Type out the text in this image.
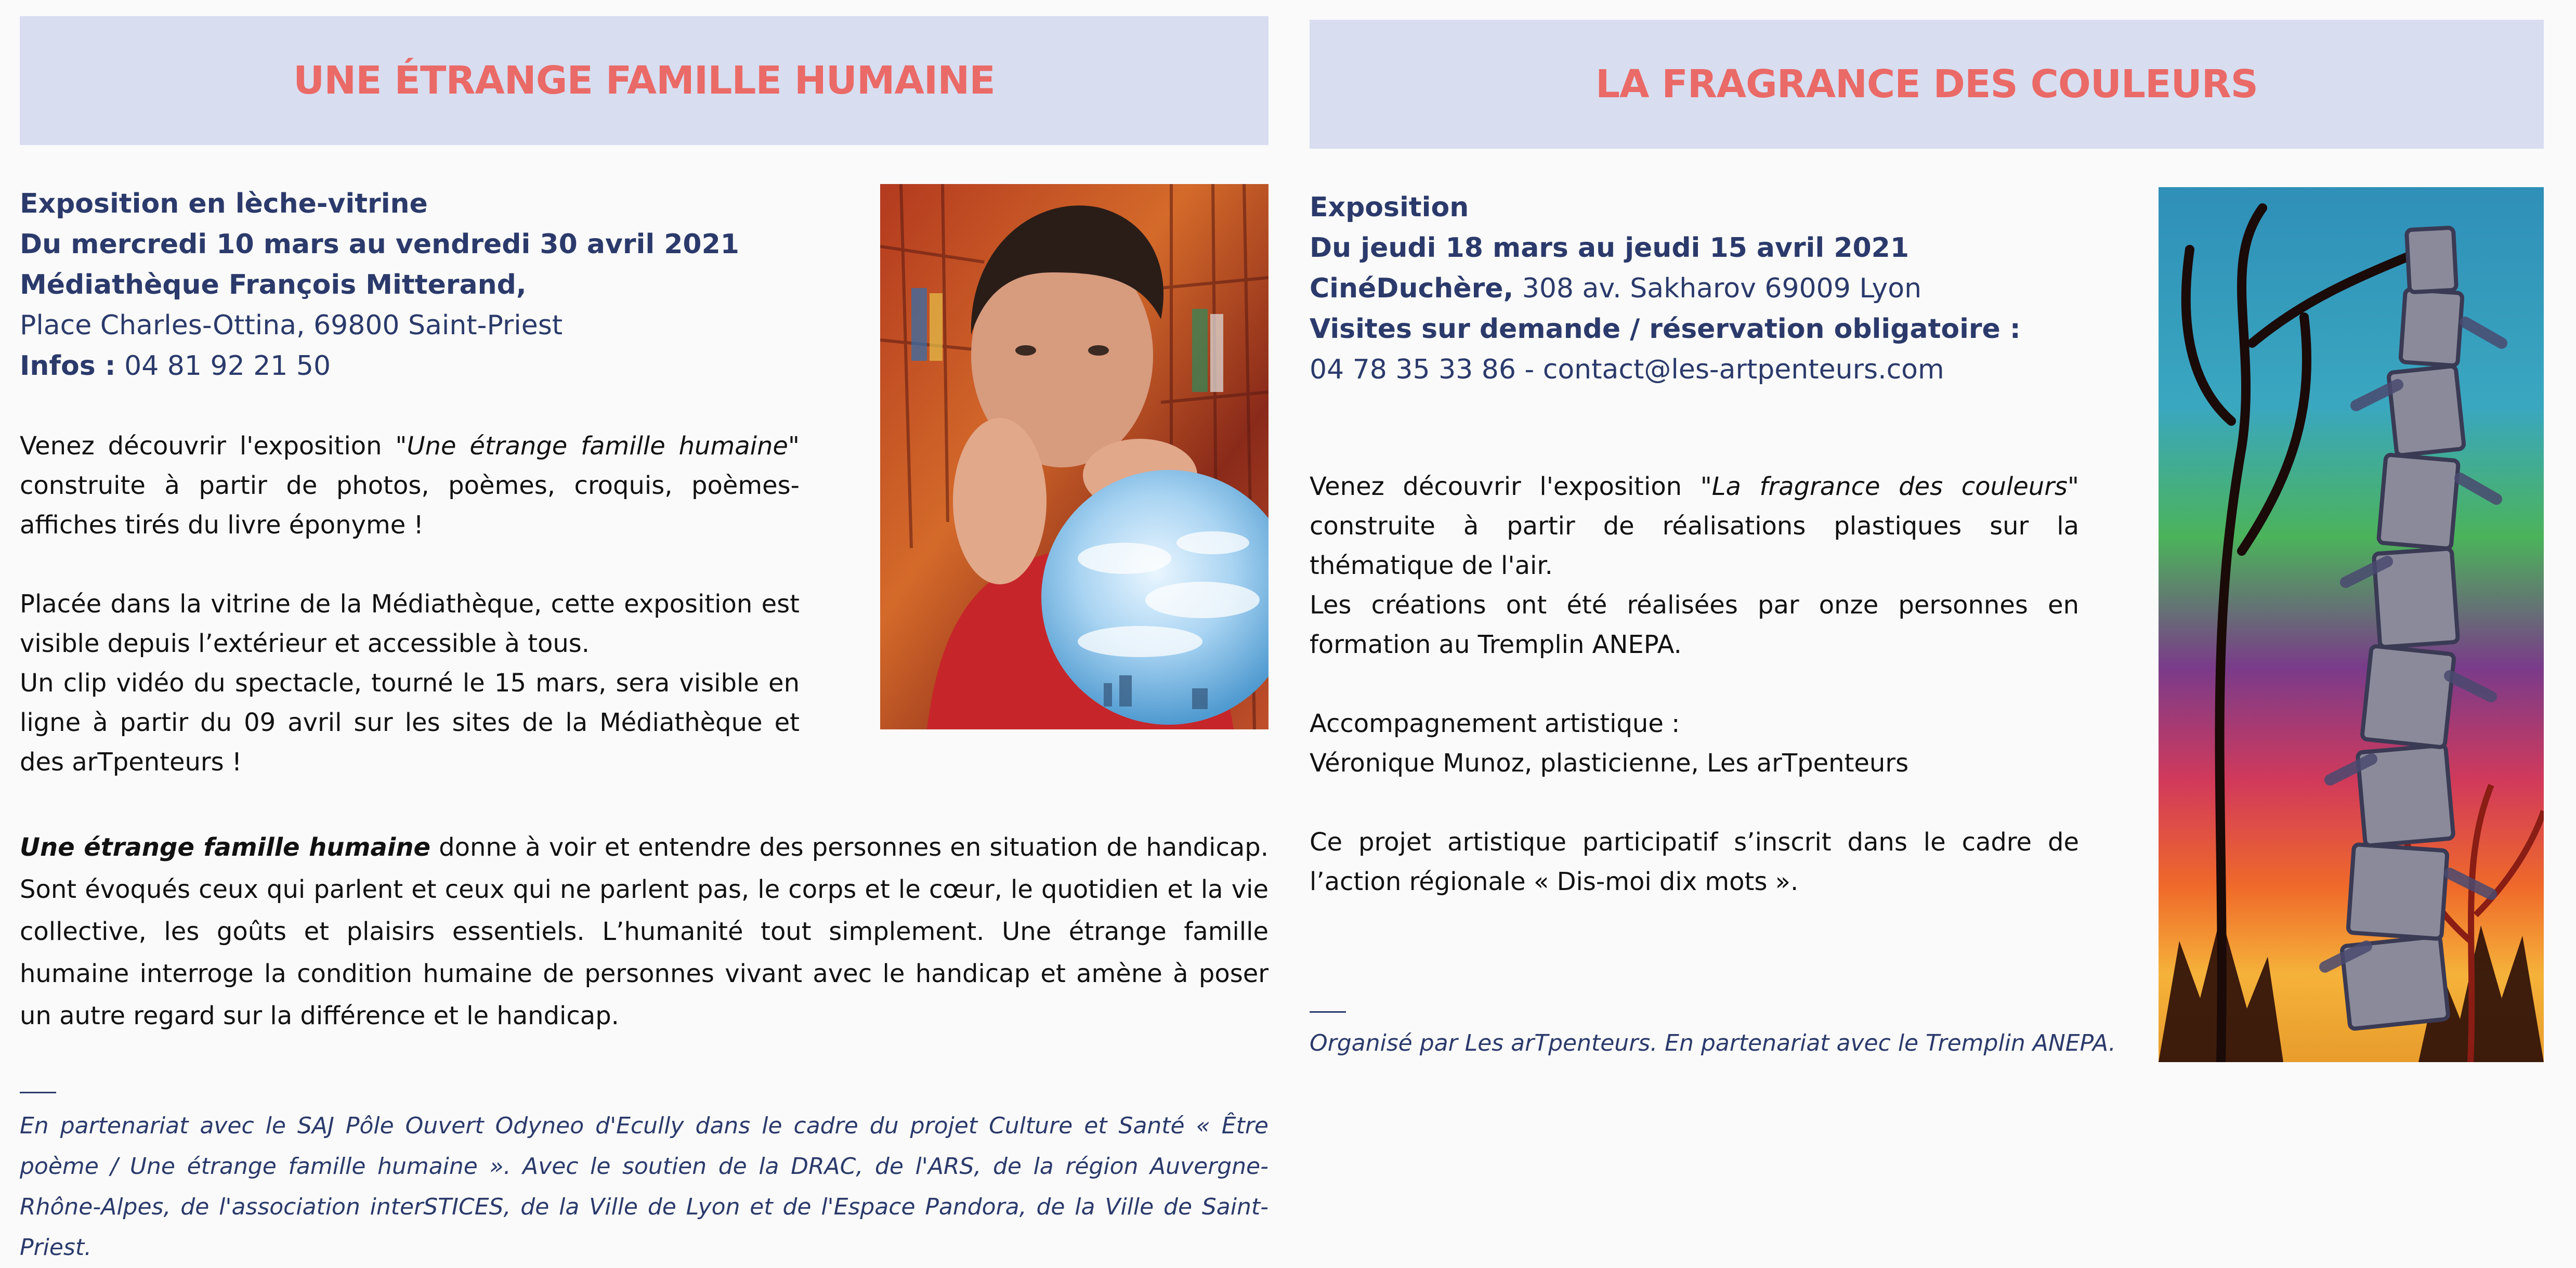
UNE ÉTRANGE FAMILLE HUMAINE
Exposition en lèche-vitrine
Du mercredi 10 mars au vendredi 30 avril 2021
Médiathèque François Mitterand,
Place Charles-Ottina, 69800 Saint-Priest
Infos : 04 81 92 21 50

Venez découvrir l'exposition "Une étrange famille humaine" construite à partir de photos, poèmes, croquis, poèmes-affiches tirés du livre éponyme !

Placée dans la vitrine de la Médiathèque, cette exposition est visible depuis l’extérieur et accessible à tous.

Un clip vidéo du spectacle, tourné le 15 mars, sera visible en ligne à partir du 09 avril sur les sites de la Médiathèque et des arTpenteurs !

Une étrange famille humaine donne à voir et entendre des personnes en situation de handicap. Sont évoqués ceux qui parlent et ceux qui ne parlent pas, le corps et le cœur, le quotidien et la vie collective, les goûts et plaisirs essentiels. L’humanité tout simplement. Une étrange famille humaine interroge la condition humaine de personnes vivant avec le handicap et amène à poser un autre regard sur la différence et le handicap.

En partenariat avec le SAJ Pôle Ouvert Odyneo d'Ecully dans le cadre du projet Culture et Santé « Être poème / Une étrange famille humaine ». Avec le soutien de la DRAC, de l'ARS, de la région Auvergne-Rhône-Alpes, de l'association interSTICES, de la Ville de Lyon et de l'Espace Pandora, de la Ville de Saint-Priest.
LA FRAGRANCE DES COULEURS
Exposition
Du jeudi 18 mars au jeudi 15 avril 2021
CinéDuchère, 308 av. Sakharov 69009 Lyon
Visites sur demande / réservation obligatoire :
04 78 35 33 86 - contact@les-artpenteurs.com

Venez découvrir l'exposition "La fragrance des couleurs" construite à partir de réalisations plastiques sur la thématique de l'air.

Les créations ont été réalisées par onze personnes en formation au Tremplin ANEPA.

Accompagnement artistique :

Véronique Munoz, plasticienne, Les arTpenteurs

Ce projet artistique participatif s’inscrit dans le cadre de l’action régionale « Dis-moi dix mots ».

Organisé par Les arTpenteurs. En partenariat avec le Tremplin ANEPA.
